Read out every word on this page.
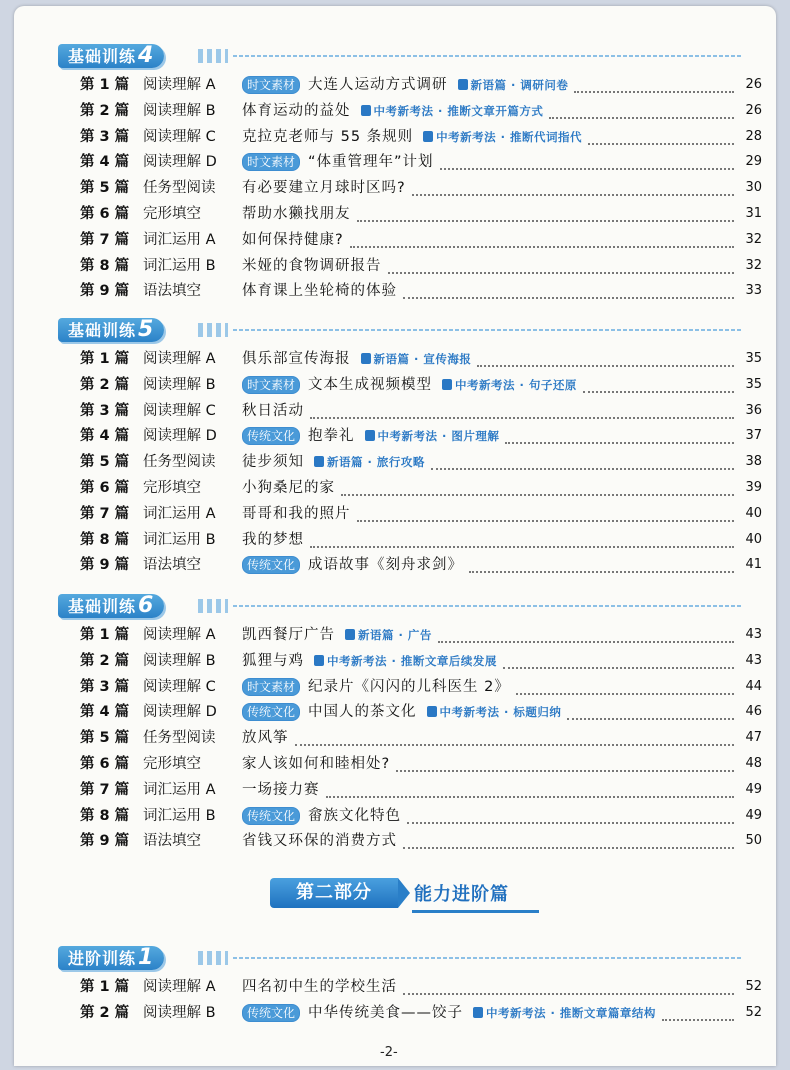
基础训练4
第 1 篇 阅读理解 A	时文素材 大连人运动方式调研	新语篇 · 调研问卷	26
第 2 篇 阅读理解 B 体育运动的益处	中考新考法 · 推断文章开篇方式	26
第 3 篇 阅读理解 C 克拉克老师与 55 条规则	中考新考法 · 推断代词指代	28
第 4 篇 阅读理解 D	时文素材 “体重管理年”计划	29
第 5 篇 任务型阅读 有必要建立月球时区吗?	30
第 6 篇 完形填空	帮助水獭找朋友	31
第 7 篇 词汇运用 A 如何保持健康?	32
第 8 篇 词汇运用 B 米娅的食物调研报告	32
第 9 篇 语法填空	体育课上坐轮椅的体验	33
基础训练5
第 1 篇 阅读理解 A 俱乐部宣传海报	新语篇 · 宣传海报	35
第 2 篇 阅读理解 B	时文素材 文本生成视频模型	中考新考法 · 句子还原	35
第 3 篇 阅读理解 C 秋日活动	36
第 4 篇 阅读理解 D	传统文化 抱拳礼	中考新考法 · 图片理解	37
第 5 篇 任务型阅读 徒步须知	新语篇 · 旅行攻略	38
第 6 篇 完形填空	小狗桑尼的家	39
第 7 篇 词汇运用 A 哥哥和我的照片	40
第 8 篇 词汇运用 B 我的梦想	40
第 9 篇 语法填空	传统文化 成语故事《刻舟求剑》	41
基础训练6
第 1 篇 阅读理解 A 凯西餐厅广告	新语篇 · 广告	43
第 2 篇 阅读理解 B 狐狸与鸡	中考新考法 · 推断文章后续发展	43
第 3 篇 阅读理解 C	时文素材 纪录片《闪闪的儿科医生 2》	44
第 4 篇 阅读理解 D	传统文化 中国人的茶文化	中考新考法 · 标题归纳	46
第 5 篇 任务型阅读 放风筝	47
第 6 篇 完形填空	家人该如何和睦相处?	48
第 7 篇 词汇运用 A 一场接力赛	49
第 8 篇 词汇运用 B	传统文化 畲族文化特色	49
第 9 篇 语法填空	省钱又环保的消费方式	50
进阶训练1
第 1 篇 阅读理解 A 四名初中生的学校生活	52
第 2 篇 阅读理解 B	传统文化 中华传统美食——饺子	中考新考法 · 推断文章篇章结构	52
第二部分	能力进阶篇
-2-
